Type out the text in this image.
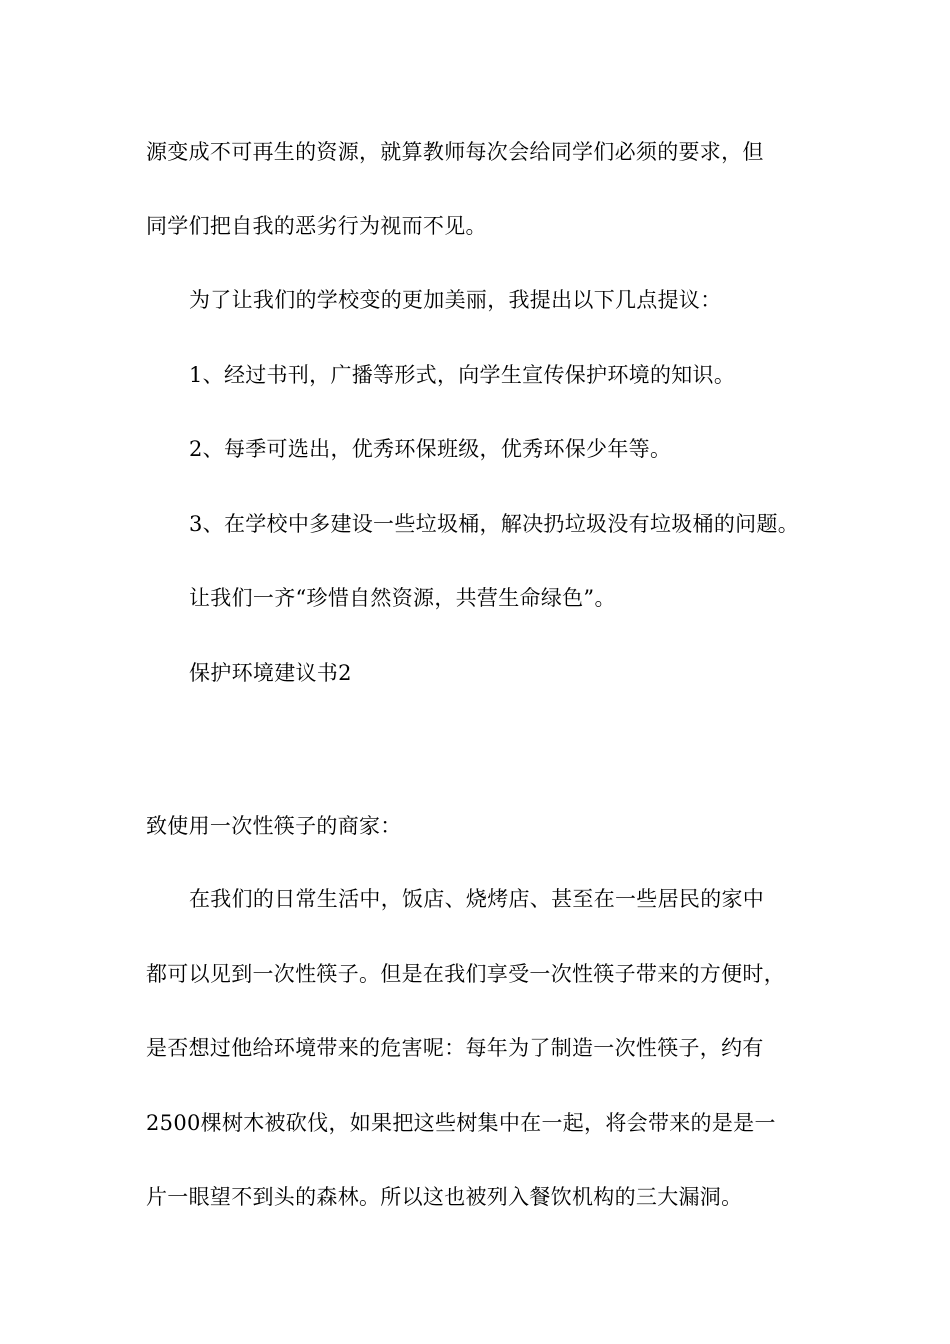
源变成不可再生的资源，就算教师每次会给同学们必须的要求，但
同学们把自我的恶劣行为视而不见。
为了让我们的学校变的更加美丽，我提出以下几点提议：
1、经过书刊，广播等形式，向学生宣传保护环境的知识。
2、每季可选出，优秀环保班级，优秀环保少年等。
3、在学校中多建设一些垃圾桶，解决扔垃圾没有垃圾桶的问题。
让我们一齐“珍惜自然资源，共营生命绿色”。
保护环境建议书2
致使用一次性筷子的商家：
在我们的日常生活中，饭店、烧烤店、甚至在一些居民的家中
都可以见到一次性筷子。但是在我们享受一次性筷子带来的方便时，
是否想过他给环境带来的危害呢：每年为了制造一次性筷子，约有
2500棵树木被砍伐，如果把这些树集中在一起，将会带来的是是一
片一眼望不到头的森林。所以这也被列入餐饮机构的三大漏洞。
